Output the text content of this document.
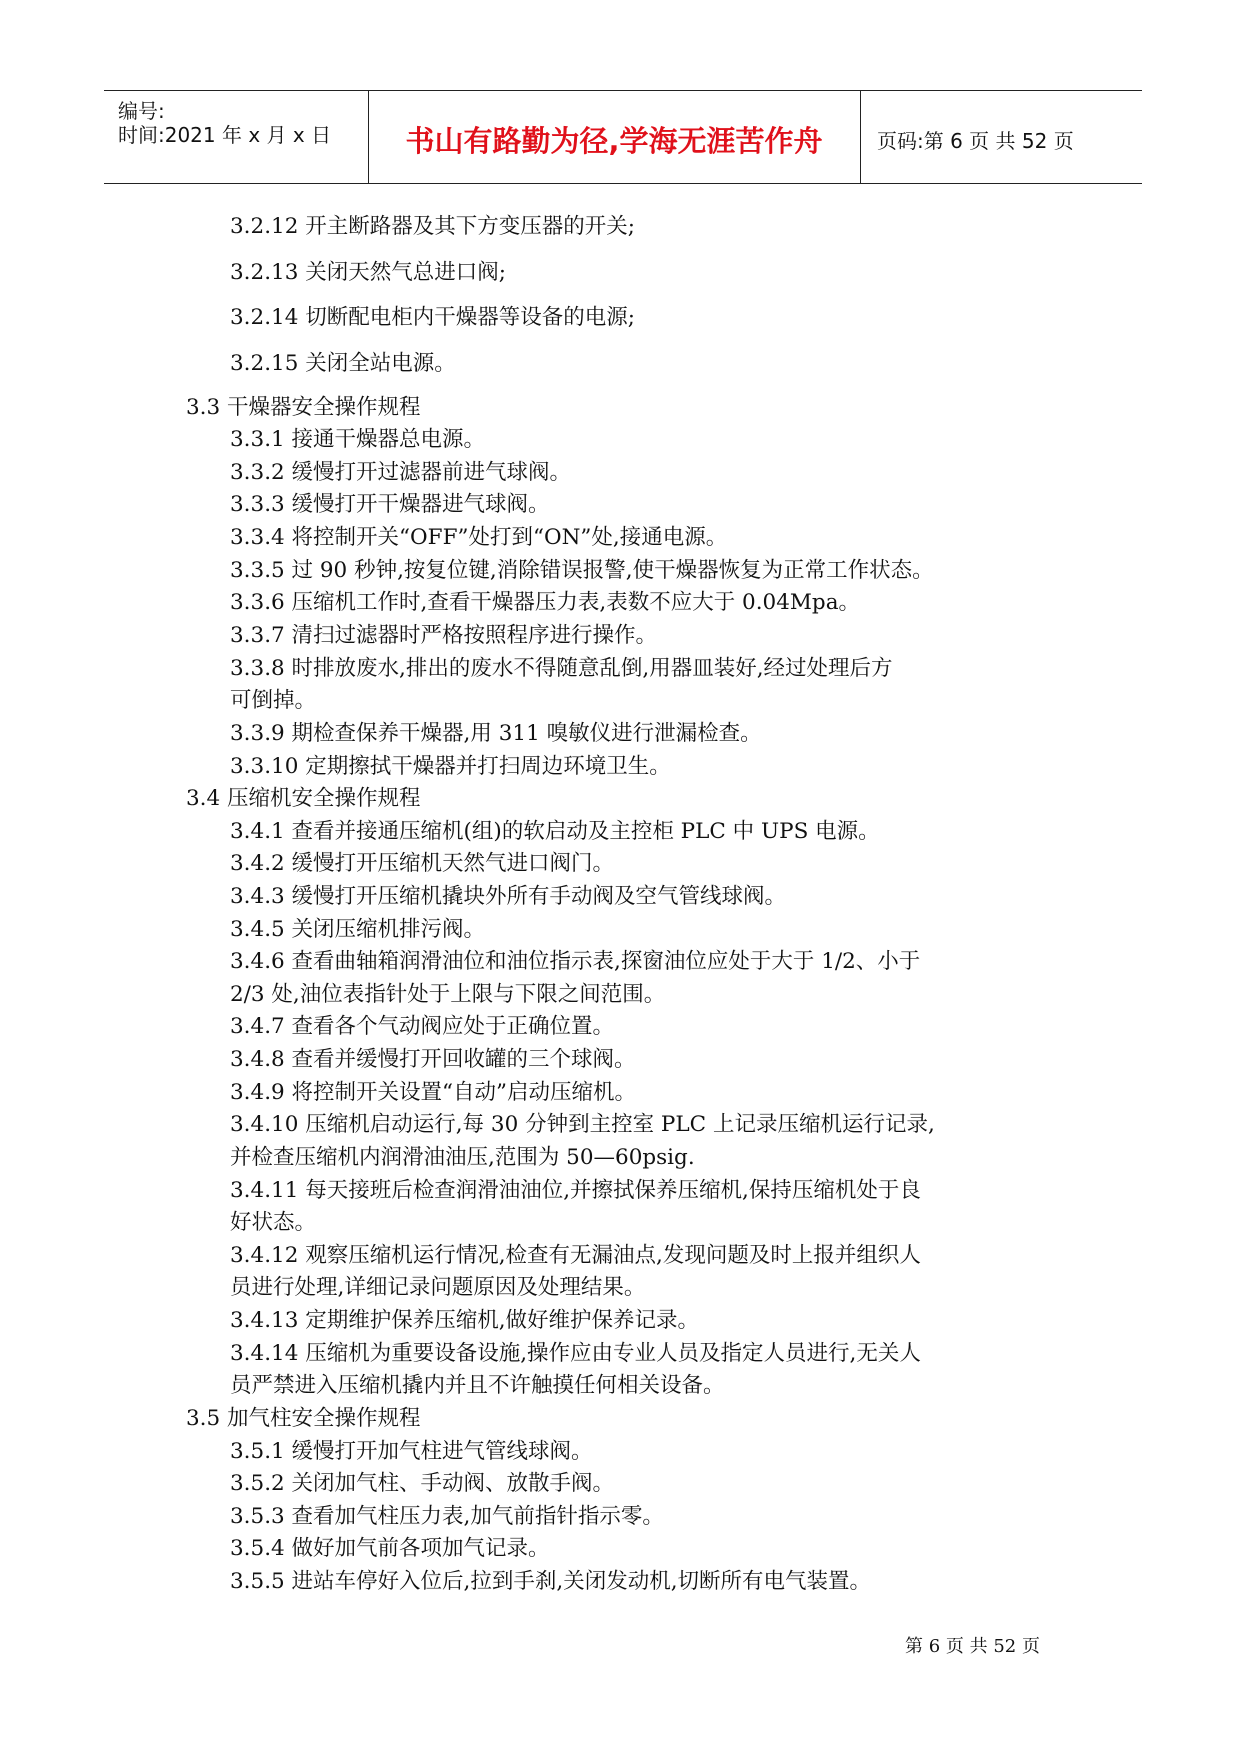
编号:
时间:2021 年 x 月 x 日	书山有路勤为径,学海无涯苦作舟	页码:第 6 页 共 52 页
3.2.12 开主断路器及其下方变压器的开关;
3.2.13 关闭天然气总进口阀;
3.2.14 切断配电柜内干燥器等设备的电源;
3.2.15 关闭全站电源。
3.3 干燥器安全操作规程
3.3.1 接通干燥器总电源。
3.3.2 缓慢打开过滤器前进气球阀。
3.3.3 缓慢打开干燥器进气球阀。
3.3.4 将控制开关“OFF”处打到“ON”处,接通电源。
3.3.5 过 90 秒钟,按复位键,消除错误报警,使干燥器恢复为正常工作状态。
3.3.6 压缩机工作时,查看干燥器压力表,表数不应大于 0.04Mpa。
3.3.7 清扫过滤器时严格按照程序进行操作。
3.3.8 时排放废水,排出的废水不得随意乱倒,用器皿装好,经过处理后方
可倒掉。
3.3.9 期检查保养干燥器,用 311 嗅敏仪进行泄漏检查。
3.3.10 定期擦拭干燥器并打扫周边环境卫生。
3.4 压缩机安全操作规程
3.4.1 查看并接通压缩机(组)的软启动及主控柜 PLC 中 UPS 电源。
3.4.2 缓慢打开压缩机天然气进口阀门。
3.4.3 缓慢打开压缩机撬块外所有手动阀及空气管线球阀。
3.4.5 关闭压缩机排污阀。
3.4.6 查看曲轴箱润滑油位和油位指示表,探窗油位应处于大于 1/2、小于
2/3 处,油位表指针处于上限与下限之间范围。
3.4.7 查看各个气动阀应处于正确位置。
3.4.8 查看并缓慢打开回收罐的三个球阀。
3.4.9 将控制开关设置“自动”启动压缩机。
3.4.10 压缩机启动运行,每 30 分钟到主控室 PLC 上记录压缩机运行记录,
并检查压缩机内润滑油油压,范围为 50—60psig.
3.4.11 每天接班后检查润滑油油位,并擦拭保养压缩机,保持压缩机处于良
好状态。
3.4.12 观察压缩机运行情况,检查有无漏油点,发现问题及时上报并组织人
员进行处理,详细记录问题原因及处理结果。
3.4.13 定期维护保养压缩机,做好维护保养记录。
3.4.14 压缩机为重要设备设施,操作应由专业人员及指定人员进行,无关人
员严禁进入压缩机撬内并且不许触摸任何相关设备。
3.5 加气柱安全操作规程
3.5.1 缓慢打开加气柱进气管线球阀。
3.5.2 关闭加气柱、手动阀、放散手阀。
3.5.3 查看加气柱压力表,加气前指针指示零。
3.5.4 做好加气前各项加气记录。
3.5.5 进站车停好入位后,拉到手刹,关闭发动机,切断所有电气装置。
第 6 页 共 52 页
